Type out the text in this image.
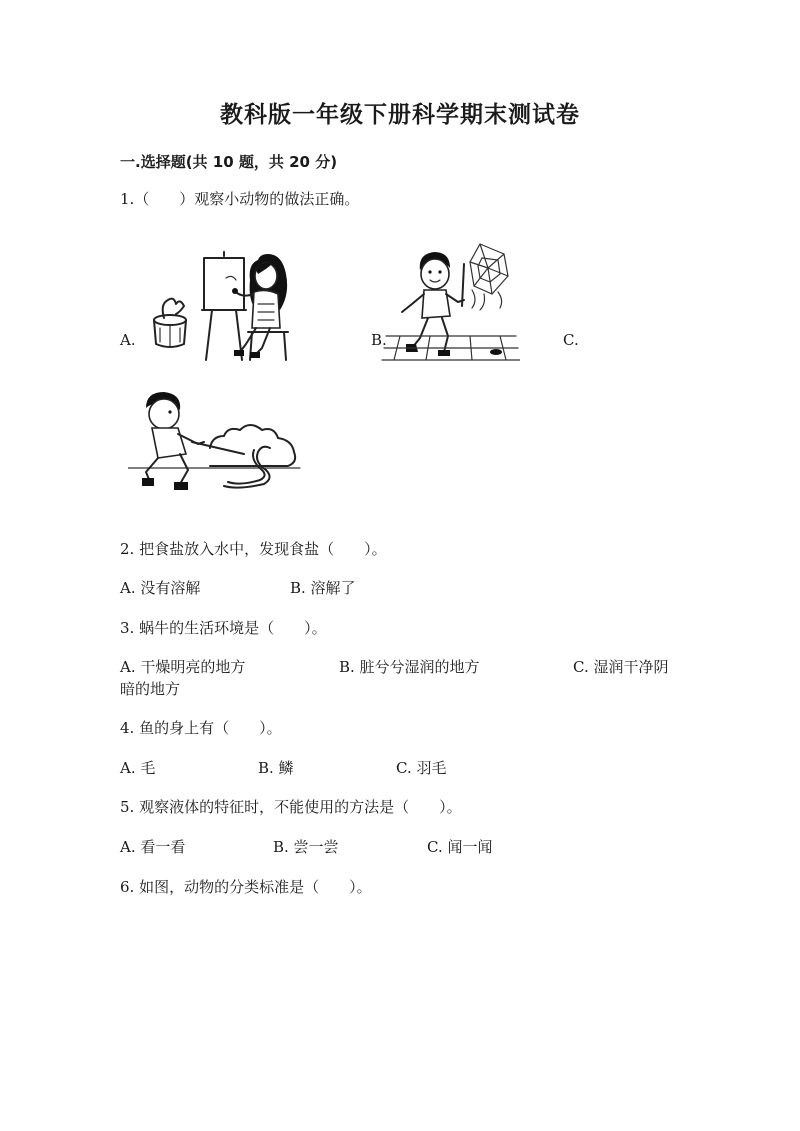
教科版一年级下册科学期末测试卷
一.选择题(共 10 题，共 20 分)
1.（　　）观察小动物的做法正确。
A.	B.	C.
2. 把食盐放入水中，发现食盐（　　）。
A. 没有溶解	B. 溶解了
3. 蜗牛的生活环境是（　　）。
A. 干燥明亮的地方	B. 脏兮兮湿润的地方	C. 湿润干净阴
暗的地方
4. 鱼的身上有（　　）。
A. 毛	B. 鳞	C. 羽毛
5. 观察液体的特征时，不能使用的方法是（　　）。
A. 看一看	B. 尝一尝	C. 闻一闻
6. 如图，动物的分类标准是（　　）。
